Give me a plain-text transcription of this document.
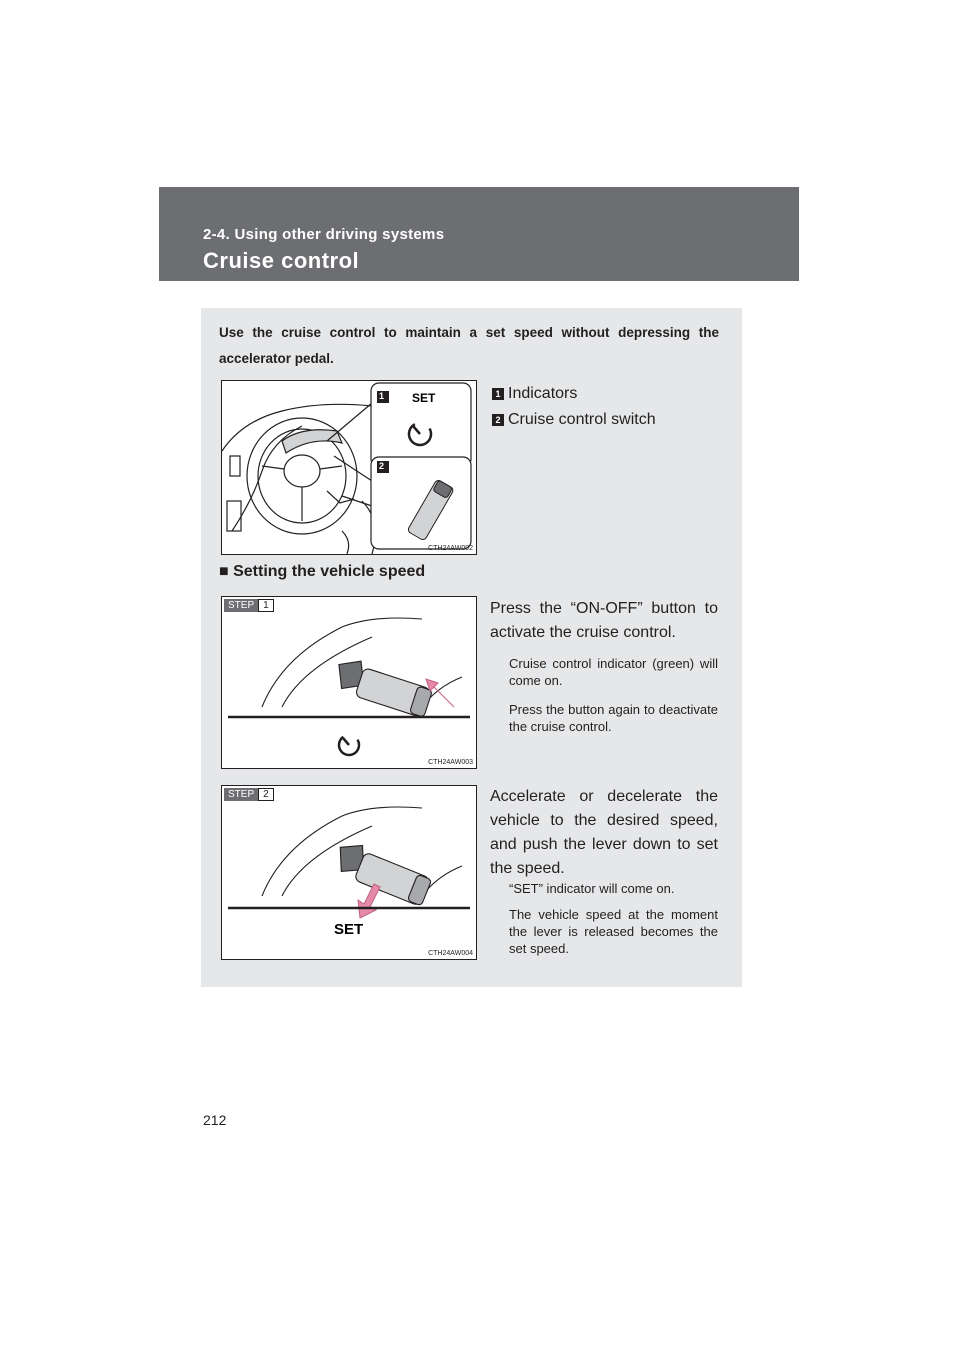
2-4. Using other driving systems
Cruise control
Use the cruise control to maintain a set speed without depressing the accelerator pedal.
1
2
SET
CTH24AW002
1 Indicators
2 Cruise control switch
■ Setting the vehicle speed
STEP 1
CTH24AW003
Press the “ON-OFF” button to activate the cruise control.
Cruise control indicator (green) will come on.
Press the button again to deactivate the cruise control.
STEP 2
SET
CTH24AW004
Accelerate or decelerate the vehicle to the desired speed, and push the lever down to set the speed.
“SET” indicator will come on.
The vehicle speed at the moment the lever is released becomes the set speed.
212
